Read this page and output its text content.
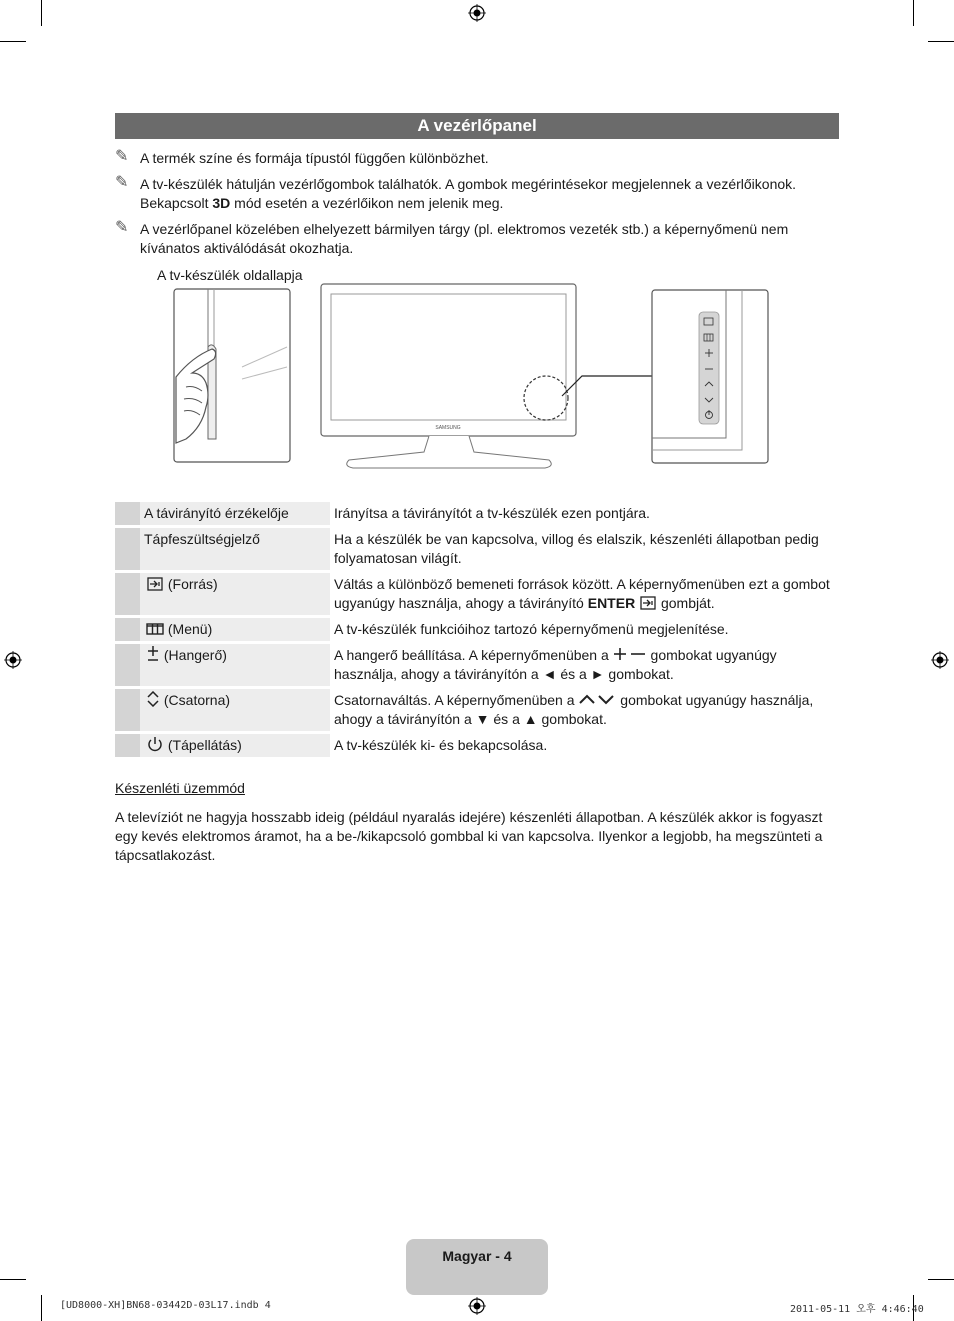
A vezérlőpanel
✎ A termék színe és formája típustól függően különbözhet.
✎ A tv-készülék hátulján vezérlőgombok találhatók. A gombok megérintésekor megjelennek a vezérlőikonok. Bekapcsolt 3D mód esetén a vezérlőikon nem jelenik meg.
✎ A vezérlőpanel közelében elhelyezett bármilyen tárgy (pl. elektromos vezeték stb.) a képernyőmenü nem kívánatos aktiválódását okozhatja.
A tv-készülék oldallapja
SAMSUNG
	A távirányító érzékelője	Irányítsa a távirányítót a tv-készülék ezen pontjára.
	Tápfeszültségjelző	Ha a készülék be van kapcsolva, villog és elalszik, készenléti állapotban pedig folyamatosan világít.
	(Forrás)	Váltás a különböző bemeneti források között. A képernyőmenüben ezt a gombot ugyanúgy használja, ahogy a távirányító ENTER gombját.
	(Menü)	A tv-készülék funkcióihoz tartozó képernyőmenü megjelenítése.
	(Hangerő)	A hangerő beállítása. A képernyőmenüben a gombokat ugyanúgy használja, ahogy a távirányítón a ◄ és a ► gombokat.
	(Csatorna)	Csatornaváltás. A képernyőmenüben a gombokat ugyanúgy használja, ahogy a távirányítón a ▼ és a ▲ gombokat.
	(Tápellátás)	A tv-készülék ki- és bekapcsolása.
Készenléti üzemmód
A televíziót ne hagyja hosszabb ideig (például nyaralás idejére) készenléti állapotban. A készülék akkor is fogyaszt egy kevés elektromos áramot, ha a be-/kikapcsoló gombbal ki van kapcsolva. Ilyenkor a legjobb, ha megszünteti a tápcsatlakozást.
Magyar - 4
[UD8000-XH]BN68-03442D-03L17.indb 4	2011-05-11 오후 4:46:40
